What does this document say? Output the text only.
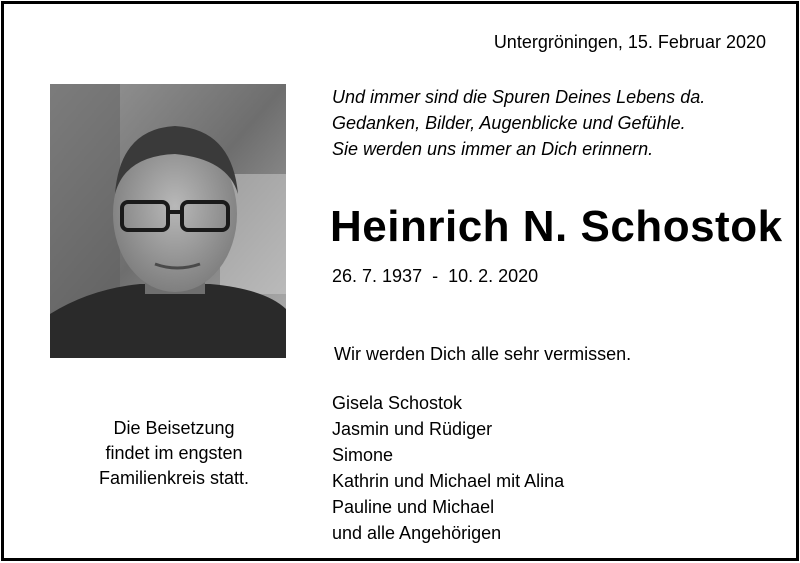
Untergröningen, 15. Februar 2020
Und immer sind die Spuren Deines Lebens da.
Gedanken, Bilder, Augenblicke und Gefühle.
Sie werden uns immer an Dich erinnern.
Heinrich N. Schostok
26. 7. 1937  -  10. 2. 2020
Wir werden Dich alle sehr vermissen.
Die Beisetzung
findet im engsten
Familienkreis statt.
Gisela Schostok
Jasmin und Rüdiger
Simone
Kathrin und Michael mit Alina
Pauline und Michael
und alle Angehörigen
